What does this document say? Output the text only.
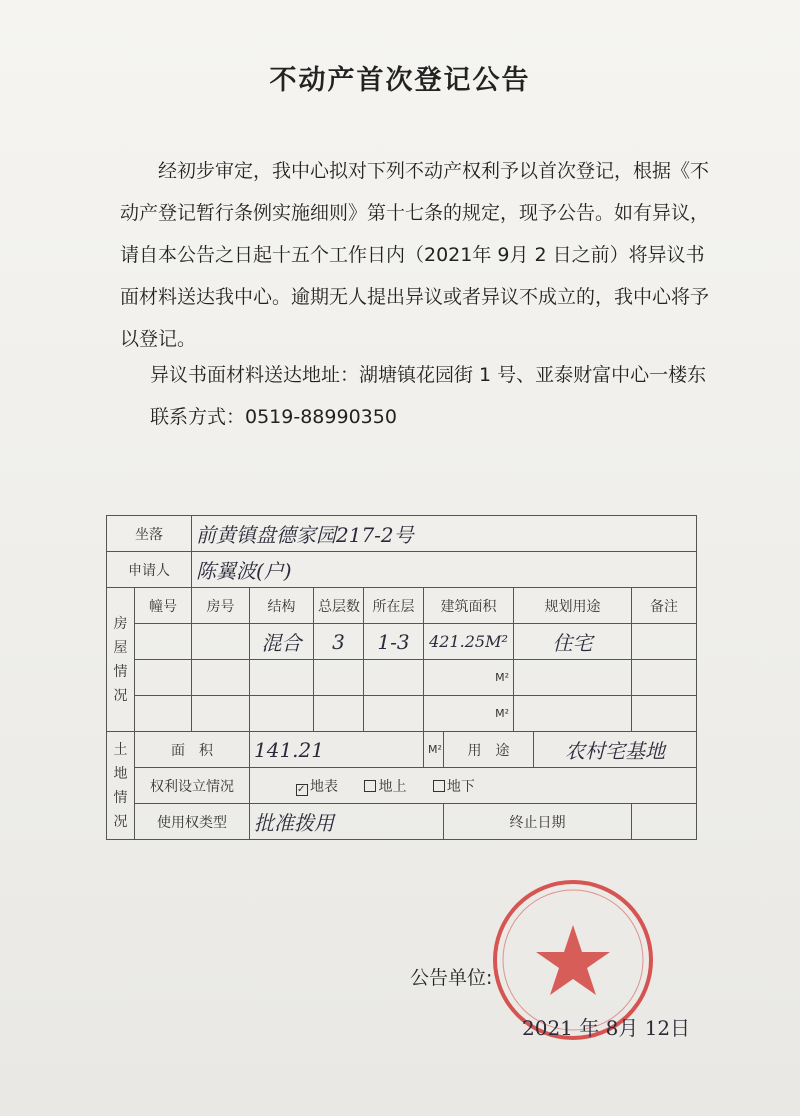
不动产首次登记公告

经初步审定，我中心拟对下列不动产权利予以首次登记，根据《不动产登记暂行条例实施细则》第十七条的规定，现予公告。如有异议，请自本公告之日起十五个工作日内（2021年 9月 2 日之前）将异议书面材料送达我中心。逾期无人提出异议或者异议不成立的，我中心将予以登记。

异议书面材料送达地址：湖塘镇花园街 1 号、亚泰财富中心一楼东
联系方式：0519-88990350
坐落		前黄镇盘德家园217-2号								
申请人		陈翼波(户)								
房屋情况	幢号	房号	结构	总层数	所在层	建筑面积		规划用途		备注
			混合	3	1-3	421.25M²		住宅		
						M²				
						M²				
土地情况	面　积		141.21			M²	用　途		农村宅基地	
	权利设立情况		✓ 地表 地上 地下							
	使用权类型		批准拨用				终止日期			
公告单位:
2021 年 8月 12日
